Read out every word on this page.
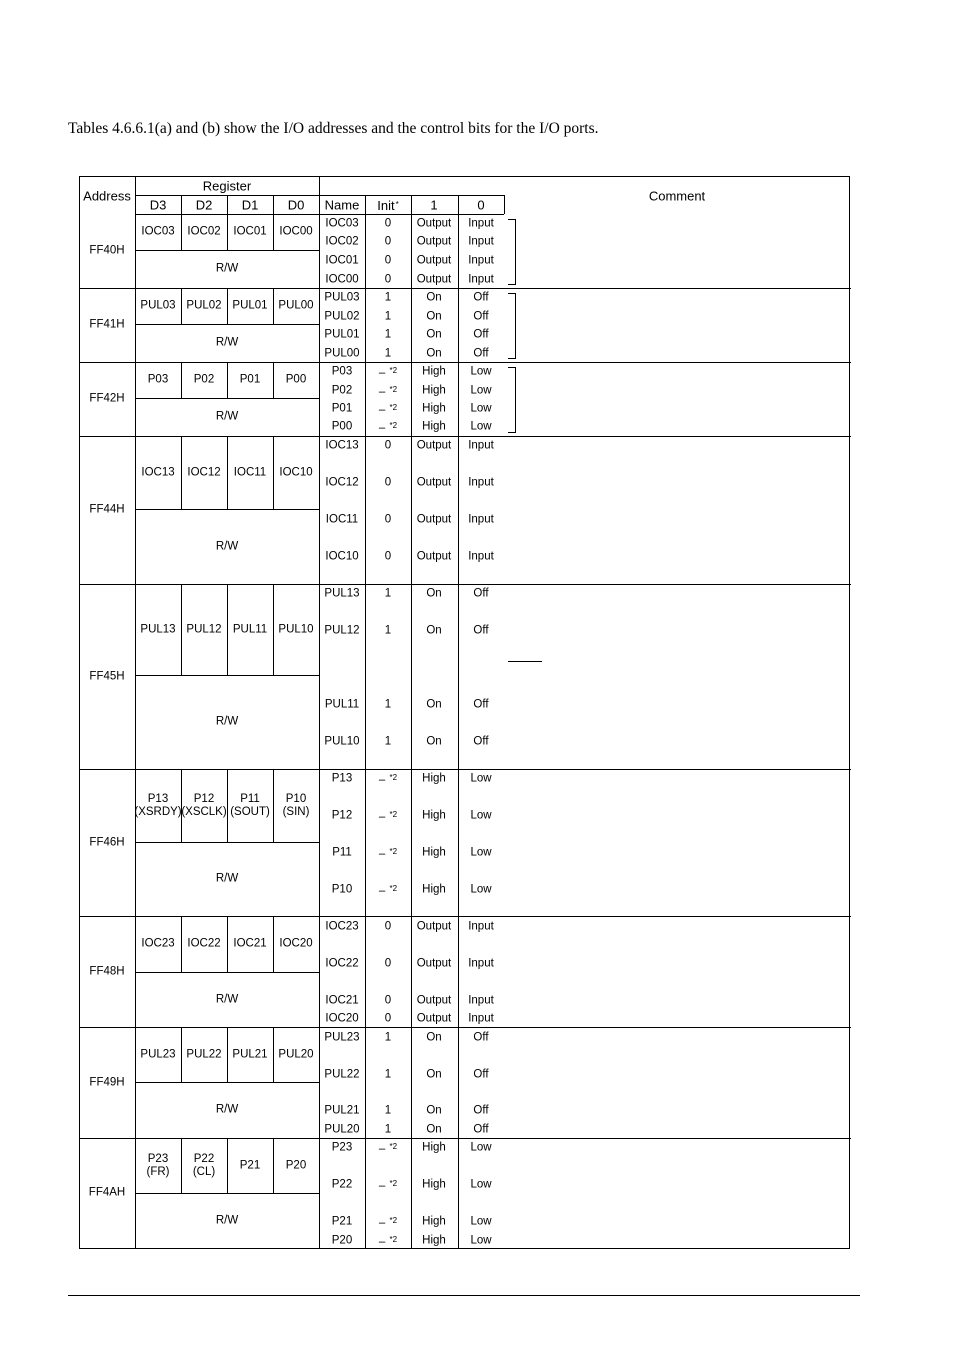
Tables 4.6.6.1(a) and (b) show the I/O addresses and the control bits for the I/O ports.

Address
Register
D3 D2 D1 D0 Name Init* 1	0
Comment
FF40H
IOC03 IOC02 IOC01 IOC00
R/W
IOC03 0 Output Input
IOC02 0 Output Input
IOC01 0 Output Input
IOC00 0 Output Input
FF41H
PUL03 PUL02 PUL01 PUL00
R/W
PUL03 1	On	Off
PUL02 1	On	Off
PUL01 1	On	Off
PUL00 1	On	Off
FF42H
P03 P02 P01 P00
R/W
P03 – $^{*2}$ High Low
P02 – $^{*2}$ High Low
P01 – $^{*2}$ High Low
P00 – $^{*2}$ High Low
FF44H
IOC13 IOC12 IOC11 IOC10
R/W
IOC13 0 Output Input
IOC12 0 Output Input
IOC11 0 Output Input
IOC10 0 Output Input
FF45H
PUL13 PUL12 PUL11 PUL10
R/W
PUL13 1	On	Off
PUL12 1	On	Off
PUL11 1	On	Off
PUL10 1	On	Off
FF46H
P13
(XSRDY)
P12
(XSCLK)
P11
(SOUT)
P10
(SIN)
R/W
P13 – $^{*2}$ High Low
P12 – $^{*2}$ High Low
P11 – $^{*2}$ High Low
P10 – $^{*2}$ High Low
FF48H
IOC23 IOC22 IOC21 IOC20
R/W
IOC23 0 Output Input
IOC22 0 Output Input
IOC21 0 Output Input
IOC20 0 Output Input
FF49H
PUL23 PUL22 PUL21 PUL20
R/W
PUL23 1	On	Off
PUL22 1	On	Off
PUL21 1	On	Off
PUL20 1	On	Off
FF4AH
P23
(FR)
P22
(CL)
P21 P20
R/W
P23 – $^{*2}$ High Low
P22 – $^{*2}$ High Low
P21 – $^{*2}$ High Low
P20 – $^{*2}$ High Low
